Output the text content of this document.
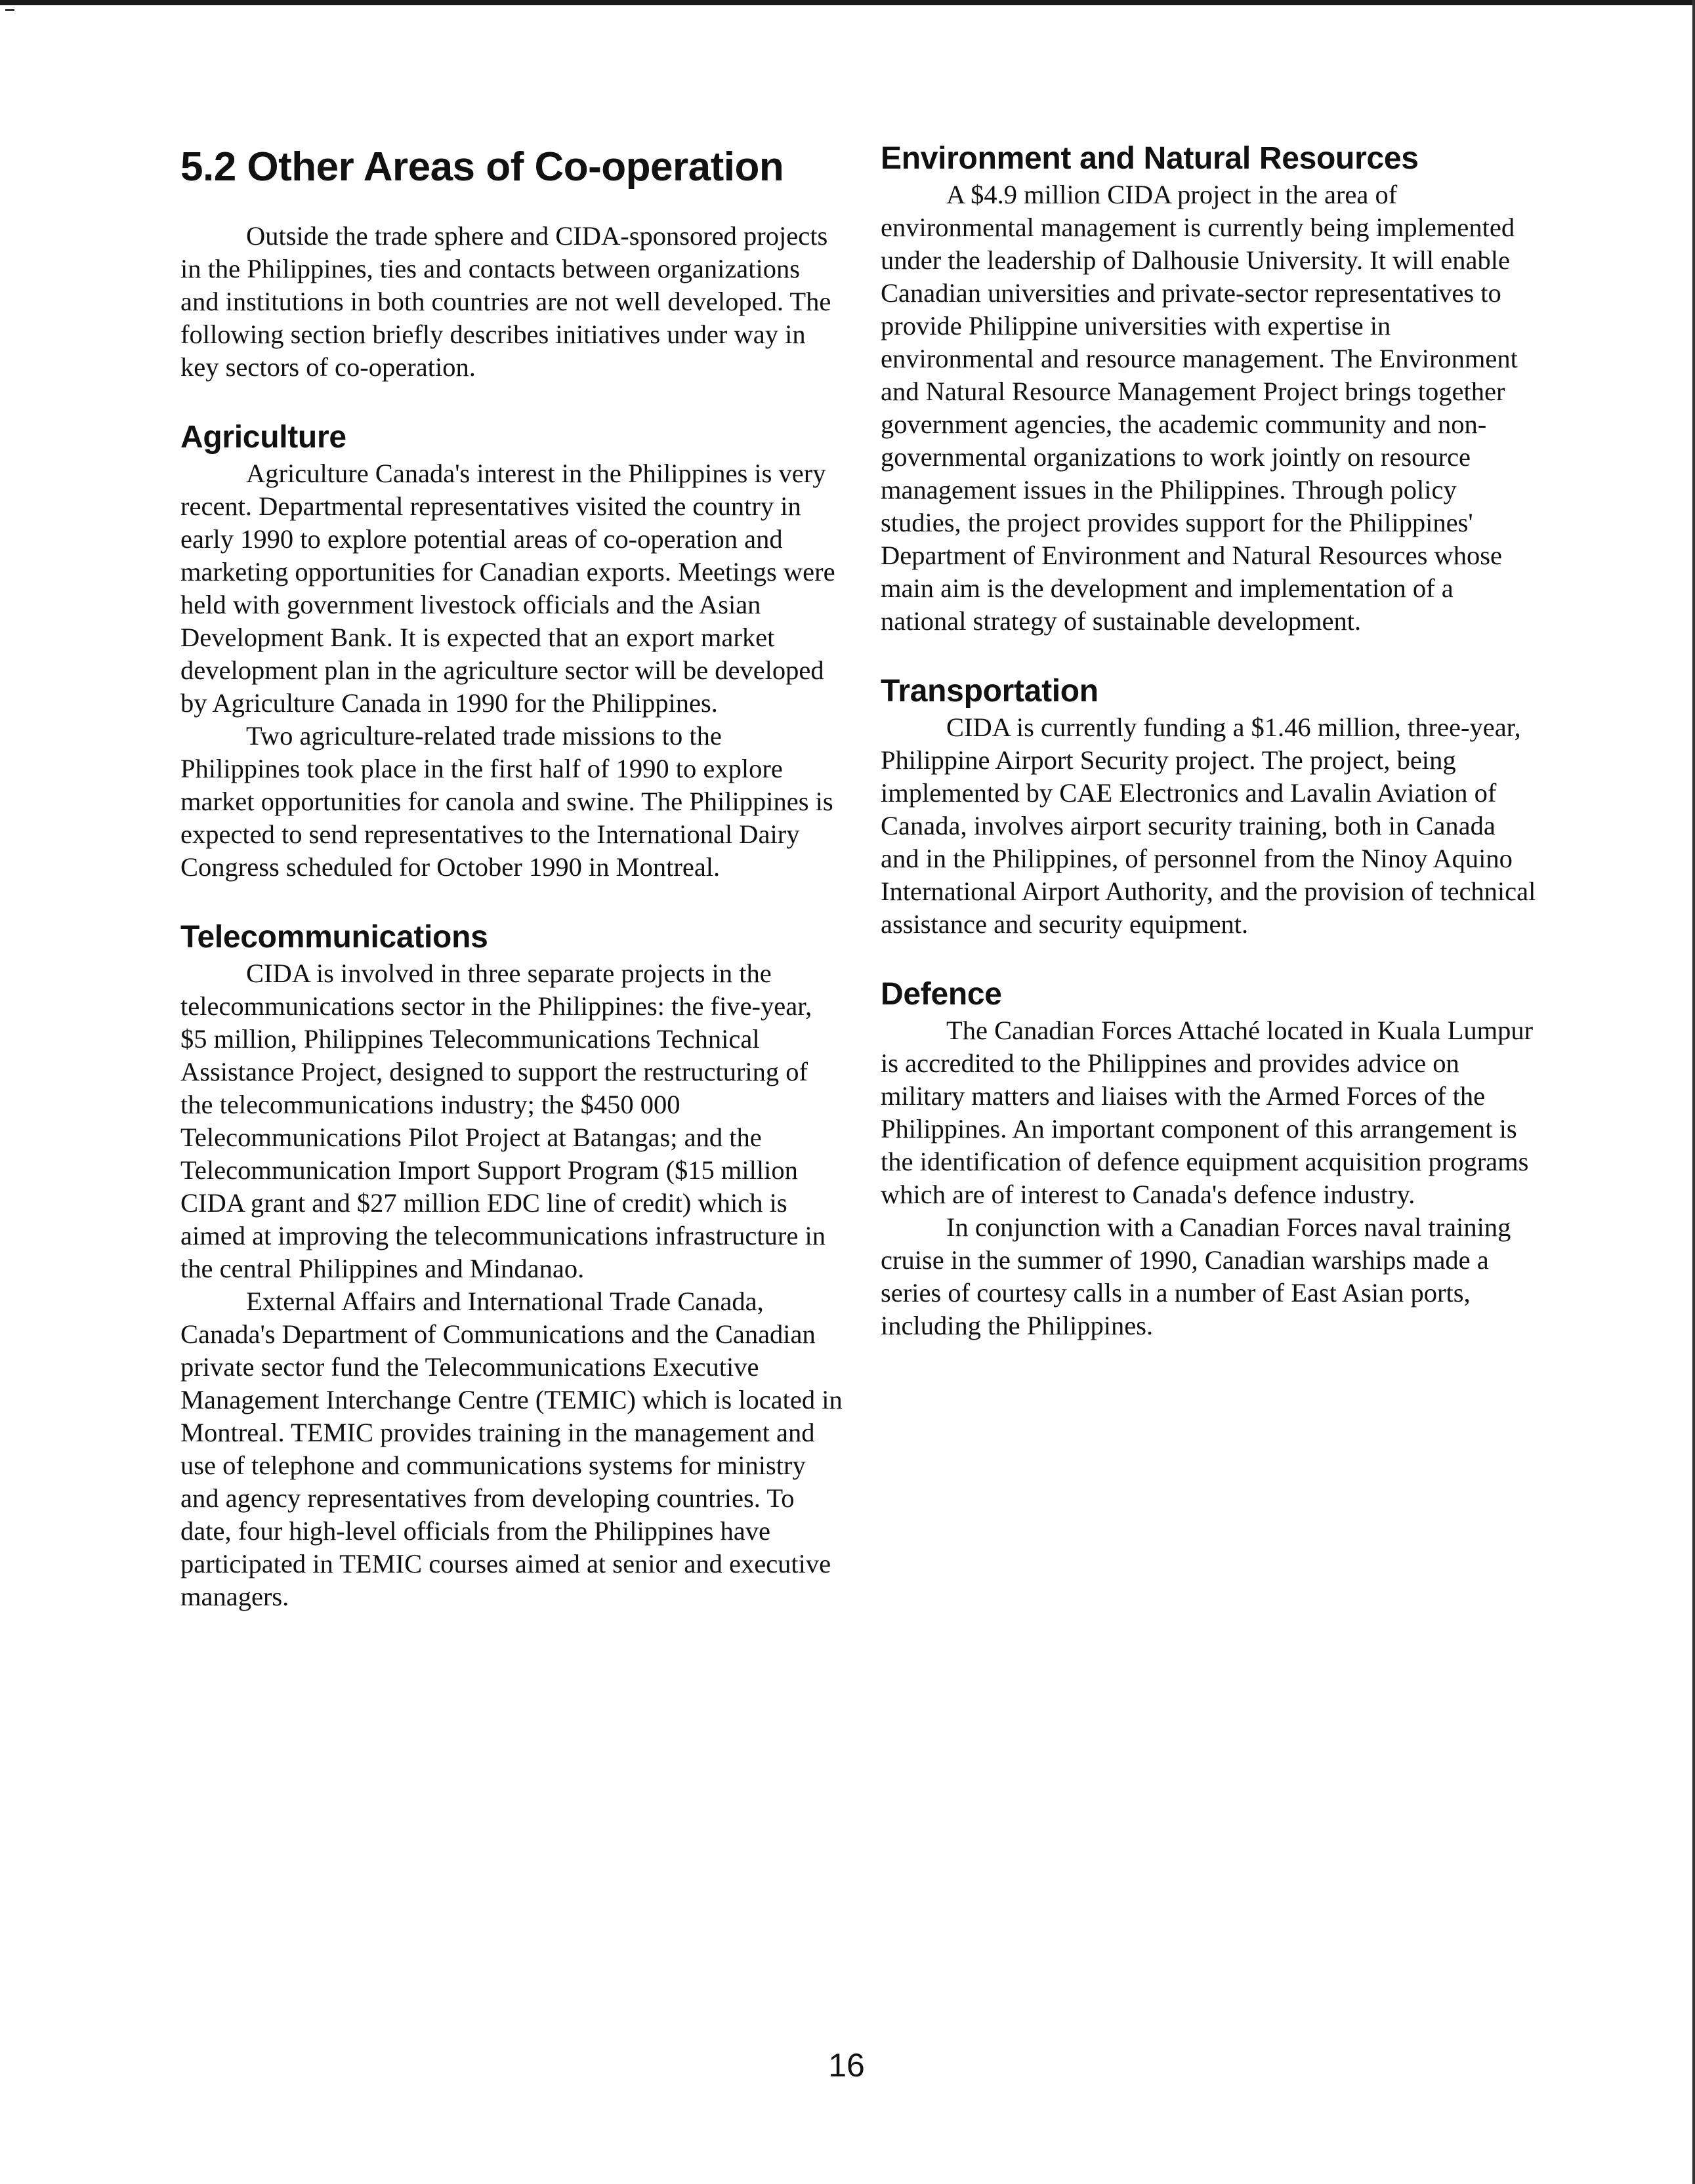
5.2 Other Areas of Co-operation

Outside the trade sphere and CIDA-sponsored projects in the Philippines, ties and contacts between organizations and institutions in both countries are not well developed. The following section briefly describes initiatives under way in key sectors of co-operation.

Agriculture

Agriculture Canada's interest in the Philippines is very recent. Departmental representatives visited the country in early 1990 to explore potential areas of co-operation and marketing opportunities for Canadian exports. Meetings were held with government livestock officials and the Asian Development Bank. It is expected that an export market development plan in the agriculture sector will be developed by Agriculture Canada in 1990 for the Philippines.

Two agriculture-related trade missions to the Philippines took place in the first half of 1990 to explore market opportunities for canola and swine. The Philippines is expected to send representatives to the International Dairy Congress scheduled for October 1990 in Montreal.

Telecommunications

CIDA is involved in three separate projects in the telecommunications sector in the Philippines: the five-year, $5 million, Philippines Telecommunications Technical Assistance Project, designed to support the restructuring of the telecommunications industry; the $450 000 Telecommunications Pilot Project at Batangas; and the Telecommunication Import Support Program ($15 million CIDA grant and $27 million EDC line of credit) which is aimed at improving the telecommunications infrastructure in the central Philippines and Mindanao.

External Affairs and International Trade Canada, Canada's Department of Communications and the Canadian private sector fund the Telecommunications Executive Management Interchange Centre (TEMIC) which is located in Montreal. TEMIC provides training in the management and use of telephone and communications systems for ministry and agency representatives from developing countries. To date, four high-level officials from the Philippines have participated in TEMIC courses aimed at senior and executive managers.

Environment and Natural Resources

A $4.9 million CIDA project in the area of environmental management is currently being implemented under the leadership of Dalhousie University. It will enable Canadian universities and private-sector representatives to provide Philippine universities with expertise in environmental and resource management. The Environment and Natural Resource Management Project brings together government agencies, the academic community and non-governmental organizations to work jointly on resource management issues in the Philippines. Through policy studies, the project provides support for the Philippines' Department of Environment and Natural Resources whose main aim is the development and implementation of a national strategy of sustainable development.

Transportation

CIDA is currently funding a $1.46 million, three-year, Philippine Airport Security project. The project, being implemented by CAE Electronics and Lavalin Aviation of Canada, involves airport security training, both in Canada and in the Philippines, of personnel from the Ninoy Aquino International Airport Authority, and the provision of technical assistance and security equipment.

Defence

The Canadian Forces Attaché located in Kuala Lumpur is accredited to the Philippines and provides advice on military matters and liaises with the Armed Forces of the Philippines. An important component of this arrangement is the identification of defence equipment acquisition programs which are of interest to Canada's defence industry.

In conjunction with a Canadian Forces naval training cruise in the summer of 1990, Canadian warships made a series of courtesy calls in a number of East Asian ports, including the Philippines.

16
